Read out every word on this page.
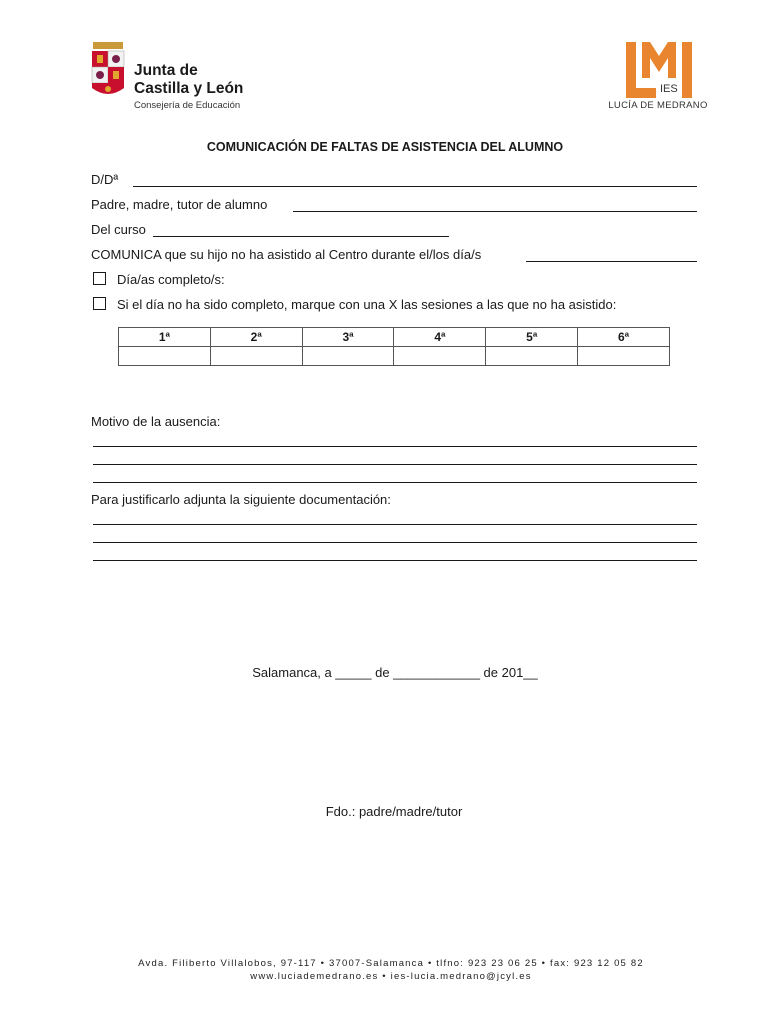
Junta de
Castilla y León
Consejería de Educación
IES
LUCÍA DE MEDRANO
COMUNICACIÓN DE FALTAS DE ASISTENCIA DEL ALUMNO
D/Dª
Padre, madre, tutor de alumno
Del curso
COMUNICA que su hijo no ha asistido al Centro durante el/los día/s
Día/as completo/s:
Si el día no ha sido completo, marque con una X las sesiones a las que no ha asistido:
1ª	2ª	3ª	4ª	5ª	6ª

Motivo de la ausencia:
Para justificarlo adjunta la siguiente documentación:
Salamanca, a _____ de ____________ de 201__
Fdo.: padre/madre/tutor
Avda. Filiberto Villalobos, 97-117 • 37007-Salamanca • tlfno: 923 23 06 25 • fax: 923 12 05 82
www.luciademedrano.es • ies-lucia.medrano@jcyl.es
